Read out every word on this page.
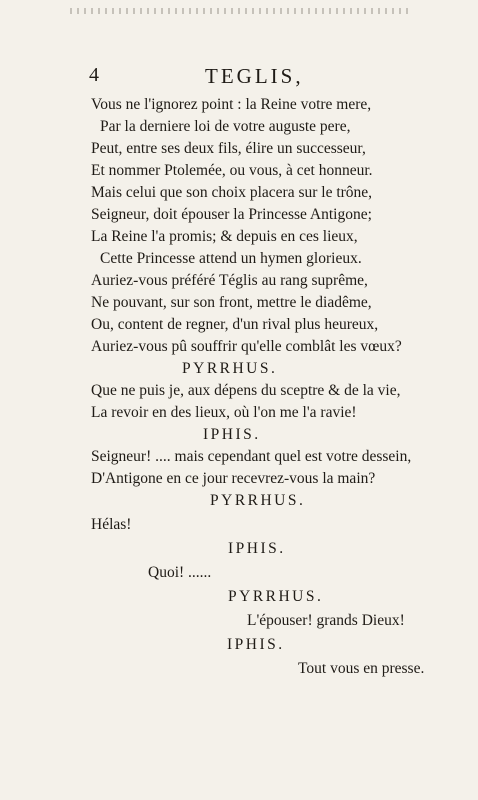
4	TEGLIS,
Vous ne l'ignorez point : la Reine votre mere,
Par la derniere loi de votre auguste pere,
Peut, entre ses deux fils, élire un successeur,
Et nommer Ptolemée, ou vous, à cet honneur.
Mais celui que son choix placera sur le trône,
Seigneur, doit épouser la Princesse Antigone;
La Reine l'a promis; & depuis en ces lieux,
Cette Princesse attend un hymen glorieux.
Auriez-vous préféré Téglis au rang suprême,
Ne pouvant, sur son front, mettre le diadême,
Ou, content de regner, d'un rival plus heureux,
Auriez-vous pû souffrir qu'elle comblât les vœux?
PYRRHUS.
Que ne puis je, aux dépens du sceptre & de la vie,
La revoir en des lieux, où l'on me l'a ravie!
IPHIS.
Seigneur! .... mais cependant quel est votre dessein,
D'Antigone en ce jour recevrez-vous la main?
PYRRHUS.
Hélas!
IPHIS.
Quoi! ......
PYRRHUS.
L'épouser! grands Dieux!
IPHIS.
Tout vous en presse.
